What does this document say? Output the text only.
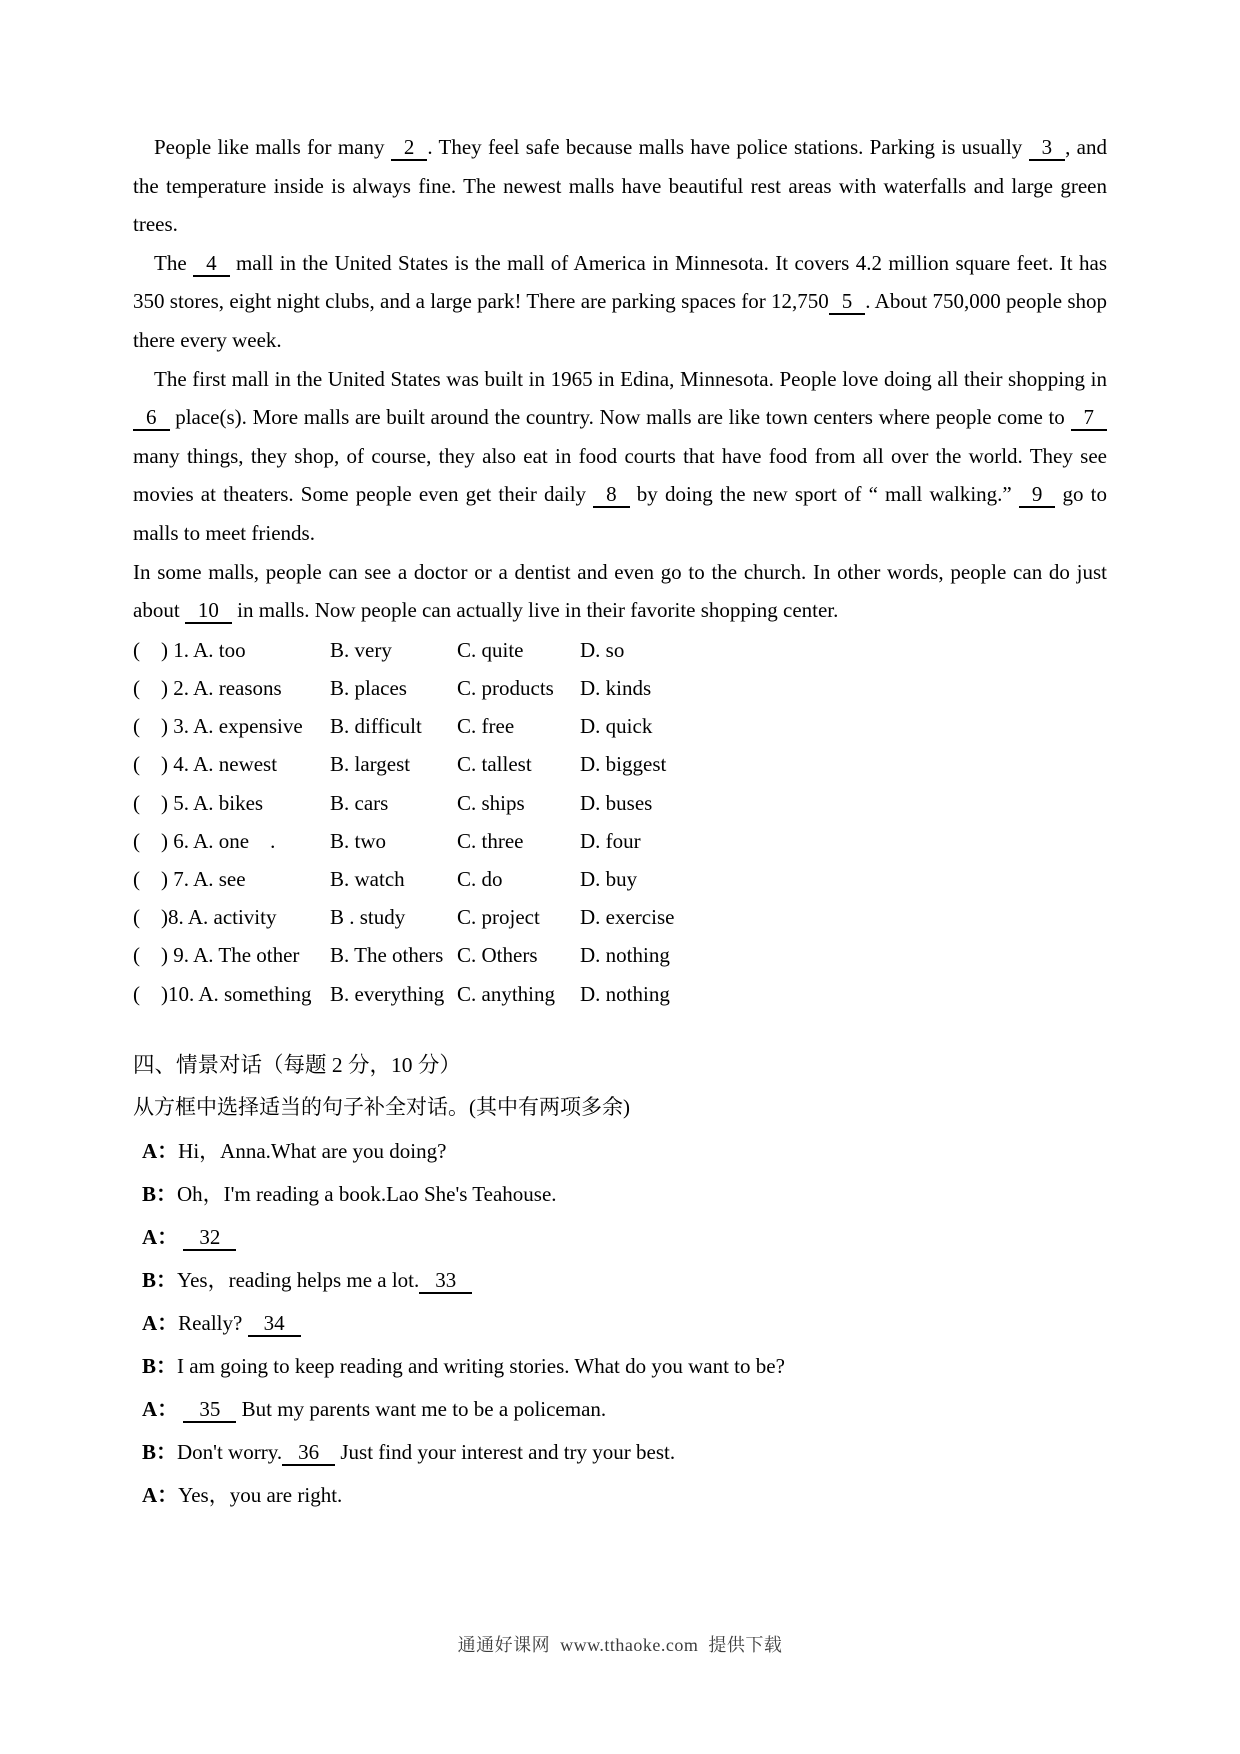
People like malls for many 2 . They feel safe because malls have police stations. Parking is usually 3 , and the temperature inside is always fine. The newest malls have beautiful rest areas with waterfalls and large green trees.

The 4 mall in the United States is the mall of America in Minnesota. It covers 4.2 million square feet. It has 350 stores, eight night clubs, and a large park! There are parking spaces for 12,750 5 . About 750,000 people shop there every week.

The first mall in the United States was built in 1965 in Edina, Minnesota. People love doing all their shopping in 6 place(s). More malls are built around the country. Now malls are like town centers where people come to 7many things, they shop, of course, they also eat in food courts that have food from all over the world. They see movies at theaters. Some people even get their daily 8 by doing the new sport of “ mall walking.” 9 go to malls to meet friends.

In some malls, people can see a doctor or a dentist and even go to the church. In other words, people can do just about 10 in malls. Now people can actually live in their favorite shopping center.

(    ) 1. A. too	B. very	C. quite	D. so
(    ) 2. A. reasons	B. places	C. products	D. kinds
(    ) 3. A. expensive	B. difficult	C. free	D. quick
(    ) 4. A. newest	B. largest	C. tallest	D. biggest
(    ) 5. A. bikes	B. cars	C. ships	D. buses
(    ) 6. A. one    .	B. two	C. three	D. four
(    ) 7. A. see	B. watch	C. do	D. buy
(    )8. A. activity	B . study	C. project	D. exercise
(    ) 9. A. The other	B. The others C. Others	D. nothing
(    )10. A. something B. everything C. anything	D. nothing
四、情景对话（每题 2 分，10 分）

从方框中选择适当的句子补全对话。(其中有两项多余)

A：Hi，Anna.What are you doing?
B：Oh，I'm reading a book.Lao She's Teahouse.
A： 32
B：Yes，reading helps me a lot. 33
A：Really? 34
B：I am going to keep reading and writing stories. What do you want to be?
A： 35 But my parents want me to be a policeman.
B：Don't worry. 36 Just find your interest and try your best.
A：Yes，you are right.
通通好课网  www.tthaoke.com  提供下载
